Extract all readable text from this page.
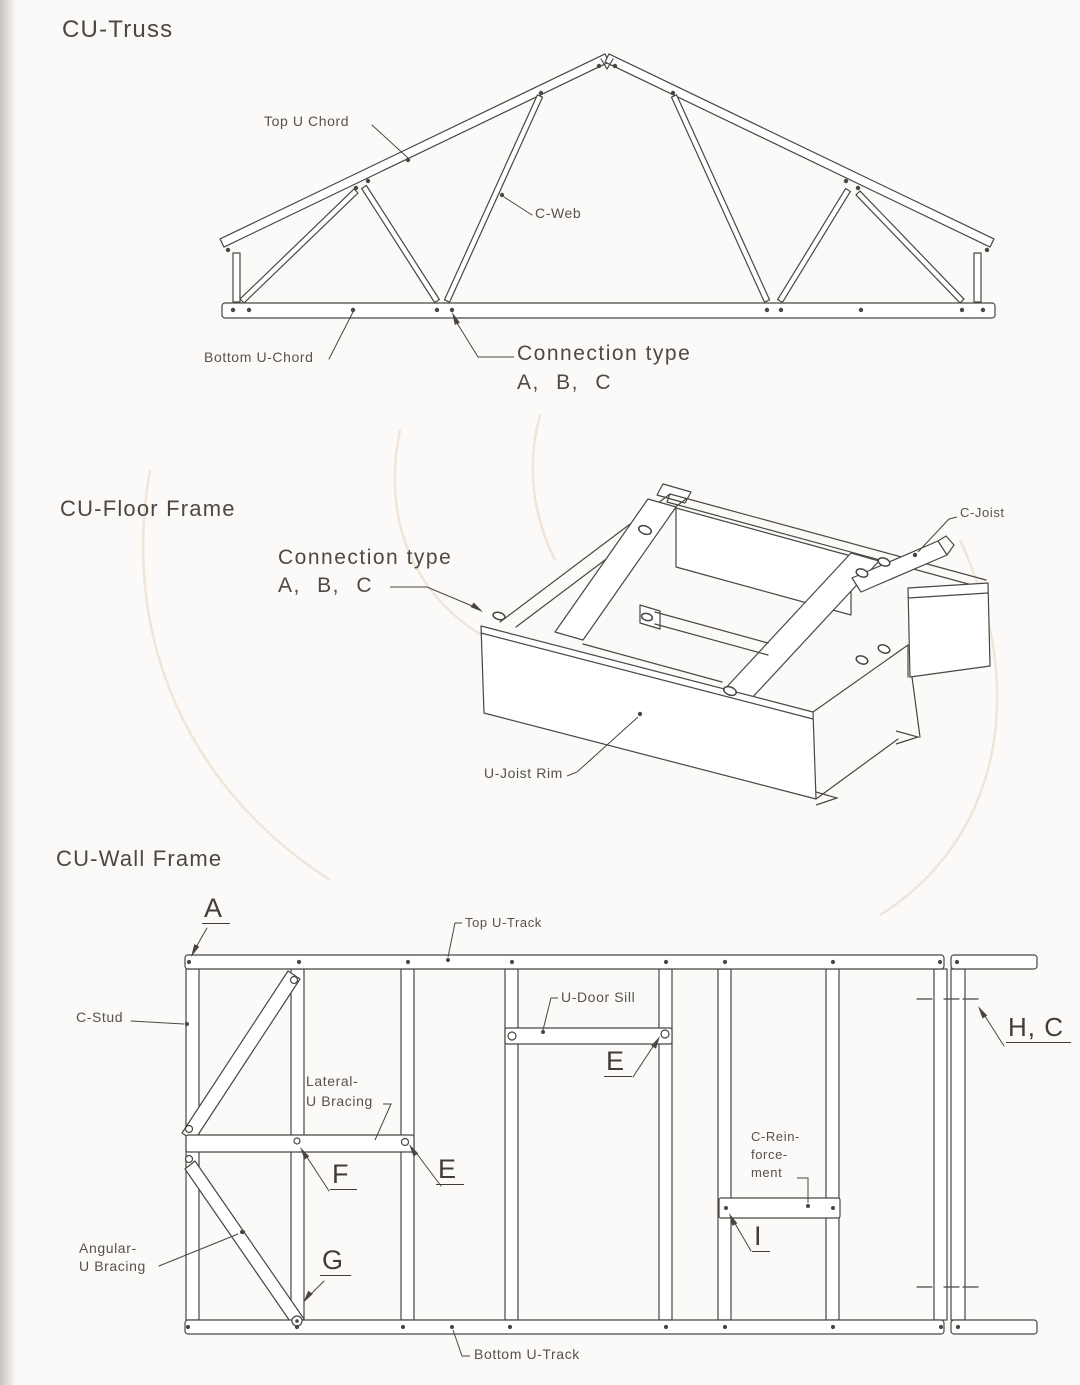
CU-Truss
CU-Floor Frame
CU-Wall Frame
Top U Chord
C-Web
Bottom U-Chord	Connection type
A, B, C
Connection type
A, B, C
C-Joist
U-Joist Rim
A	Top U-Track
C-Stud
U-Door Sill
E
Lateral-
U Bracing
F	E
C-Rein-
force-
ment
I
G
Angular-
U Bracing
H, C
Bottom U-Track
